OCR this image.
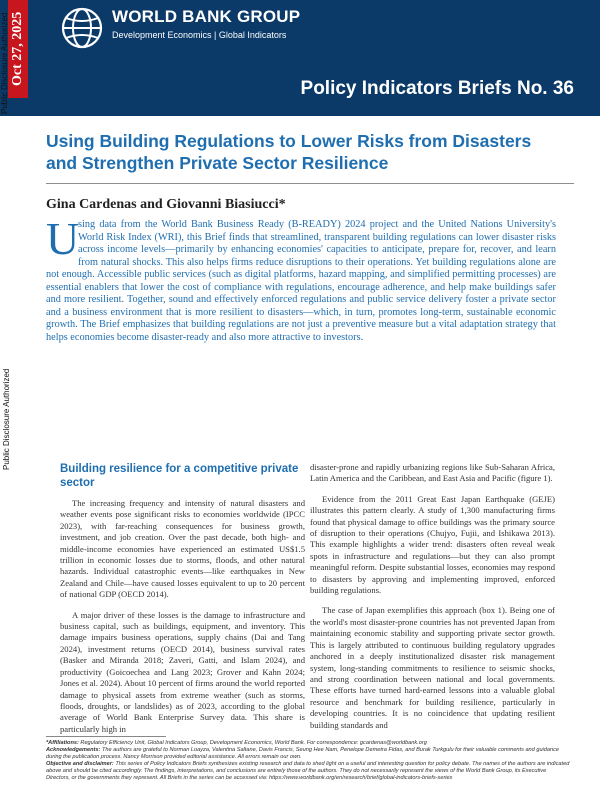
WORLD BANK GROUP
Development Economics | Global Indicators
Policy Indicators Briefs No. 36
Oct 27, 2025
Public Disclosure Authorized
Public Disclosure Authorized
Using Building Regulations to Lower Risks from Disasters and Strengthen Private Sector Resilience
Gina Cardenas and Giovanni Biasiucci*
U
sing data from the World Bank Business Ready (B-READY) 2024 project and the United Nations University's World Risk Index (WRI), this Brief finds that streamlined, transparent building regulations can lower disaster risks across income levels—primarily by enhancing economies' capacities to anticipate, prepare for, recover, and learn from natural shocks. This also helps firms reduce disruptions to their operations. Yet building regulations alone are not enough. Accessible public services (such as digital platforms, hazard mapping, and simplified permitting processes) are essential enablers that lower the cost of compliance with regulations, encourage adherence, and help make buildings safer and more resilient. Together, sound and effectively enforced regulations and public service delivery foster a private sector and a business environment that is more resilient to disasters—which, in turn, promotes long-term, sustainable economic growth. The Brief emphasizes that building regulations are not just a preventive measure but a vital adaptation strategy that helps economies become disaster-ready and also more attractive to investors.
Building resilience for a competitive private sector

The increasing frequency and intensity of natural disasters and weather events pose significant risks to economies worldwide (IPCC 2023), with far-reaching consequences for business growth, investment, and job creation. Over the past decade, both high- and middle-income economies have experienced an estimated US$1.5 trillion in economic losses due to storms, floods, and other natural hazards. Individual catastrophic events—like earthquakes in New Zealand and Chile—have caused losses equivalent to up to 20 percent of national GDP (OECD 2014).

A major driver of these losses is the damage to infrastructure and business capital, such as buildings, equipment, and inventory. This damage impairs business operations, supply chains (Dai and Tang 2024), investment returns (OECD 2014), business survival rates (Basker and Miranda 2018; Zaveri, Gatti, and Islam 2024), and productivity (Goicoechea and Lang 2023; Grover and Kahn 2024; Jones et al. 2024). About 10 percent of firms around the world reported damage to physical assets from extreme weather (such as storms, floods, droughts, or landslides) as of 2023, according to the global average of World Bank Enterprise Survey data. This share is particularly high in

disaster-prone and rapidly urbanizing regions like Sub-Saharan Africa, Latin America and the Caribbean, and East Asia and Pacific (figure 1).

Evidence from the 2011 Great East Japan Earthquake (GEJE) illustrates this pattern clearly. A study of 1,300 manufacturing firms found that physical damage to office buildings was the primary source of disruption to their operations (Chujyo, Fujii, and Ishikawa 2013). This example highlights a wider trend: disasters often reveal weak spots in infrastructure and regulations—but they can also prompt meaningful reform. Despite substantial losses, economies may respond to disasters by approving and implementing improved, enforced building regulations.

The case of Japan exemplifies this approach (box 1). Being one of the world's most disaster-prone countries has not prevented Japan from maintaining economic stability and supporting private sector growth. This is largely attributed to continuous building regulatory upgrades anchored in a deeply institutionalized disaster risk management system, long-standing commitments to resilience to seismic shocks, and strong coordination between national and local governments. These efforts have turned hard-earned lessons into a valuable global resource and benchmark for building resilience, particularly in developing countries. It is no coincidence that updating resilient building standards and

*Affiliations: Regulatory Efficiency Unit, Global Indicators Group, Development Economics, World Bank. For correspondence: gcardenas@worldbank.org

Acknowledgements: The authors are grateful to Norman Loayza, Valentina Saltane, Davis Francis, Seung Hee Nam, Penelope Demetra Fidas, and Burak Turkgulu for their valuable comments and guidance during the publication process. Nancy Morrison provided editorial assistance. All errors remain our own.

Objective and disclaimer: This series of Policy Indicators Briefs synthesizes existing research and data to shed light on a useful and interesting question for policy debate. The names of the authors are indicated above and should be cited accordingly. The findings, interpretations, and conclusions are entirely those of the authors. They do not necessarily represent the views of the World Bank Group, its Executive Directors, or the governments they represent. All Briefs in the series can be accessed via: https://www.worldbank.org/en/research/brief/global-indicators-briefs-series
